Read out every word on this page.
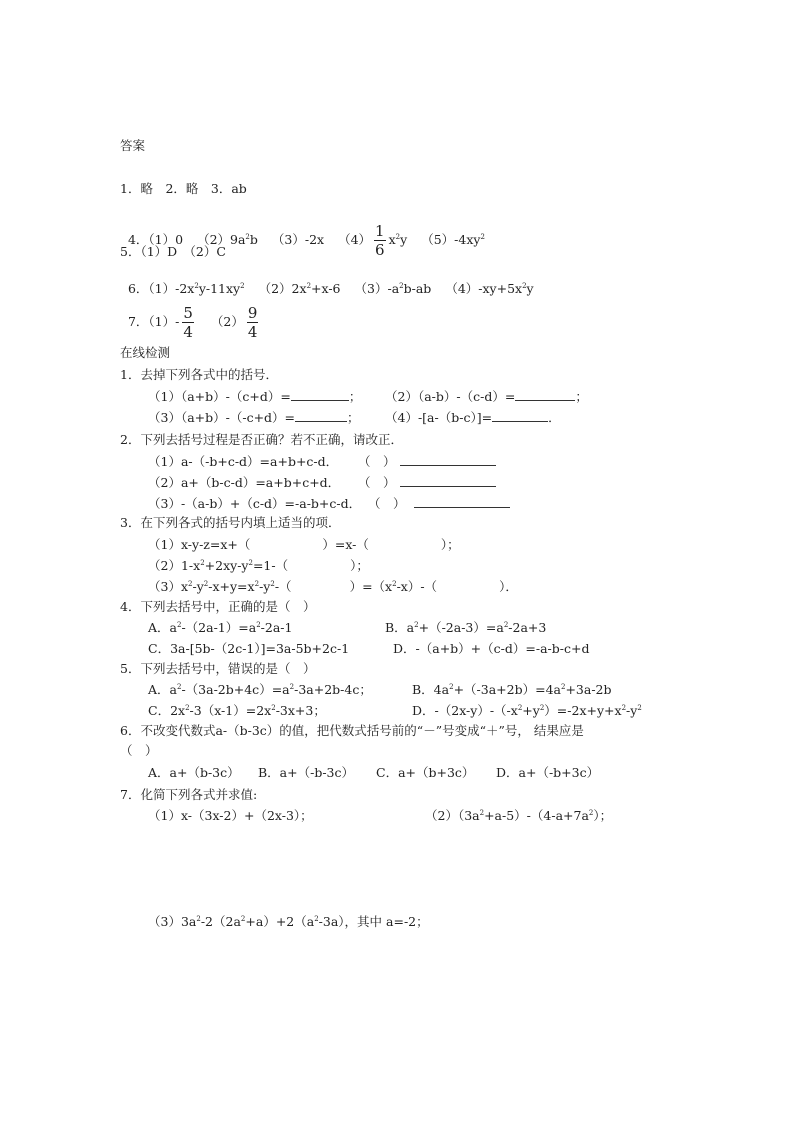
答案
1．略　2．略　3．ab

4．（1）0 $(2)9a^2b$ （3）-2x $(4) \frac{1}{6} x^2y$ $(5)-4xy^2$

5．（1）D　（2）C

6．$(1)-2x^2y-11xy^2$ $(2)2x^2+x-6$ $(3)-a^2b-ab$ $(4)-xy+5x^2y$

7．$(1)- \frac{5}{4} (2) \frac{9}{4}$

在线检测
1．去掉下列各式中的括号．
（1）（a+b）-（c+d）=	； （2）（a-b）-（c-d）=	；
（3）（a+b）-（-c+d）=	； （4）-[a-（b-c）]=	．
2．下列去括号过程是否正确？若不正确，请改正．
（1）a-（-b+c-d）=a+b+c-d． （　）
（2）a+（b-c-d）=a+b+c+d． （　）
（3）-（a-b）+（c-d）=-a-b+c-d． （　）
3．在下列各式的括号内填上适当的项．
（1）x-y-z=x+（	）=x-（	）；
$(2)1-x^2+2xy-y^2=1-$（	）；
$(3)x^2-y^2-x+y=x^2-y^2-$（	）$=(x^2-x)-$（	）．
4．下列去括号中，正确的是（　）
A．$a^2-(2a-1)=a^2-2a-1$	B．$a^2+(-2a-3)=a^2-2a+3$
C．3a-[5b-（2c-1）]=3a-5b+2c-1	D．-（a+b）+（c-d）=-a-b-c+d
5．下列去括号中，错误的是（　）
A．$a^2-(3a-2b+4c)=a^2-3a+2b-4c$；	B．$4a^2+(-3a+2b)=4a^2+3a-2b$
C．$2x^2-3(x-1)=2x^2-3x+3$；	D．$-(2x-y)-(-x^2+y^2)=-2x+y+x^2-y^2$
6．不改变代数式a-（b-3c）的值，把代数式括号前的“－”号变成“＋”号， 结果应是
（　）
A．a+（b-3c） B．a+（-b-3c） C．a+（b+3c） D．a+（-b+3c）
7．化简下列各式并求值:
（1）x-（3x-2）+（2x-3）；	$(2)(3a^2+a-5)-(4-a+7a^2)$；
$(3)3a^2-2(2a^2+a)+2(a^2-3a)$，其中 a=-2；
